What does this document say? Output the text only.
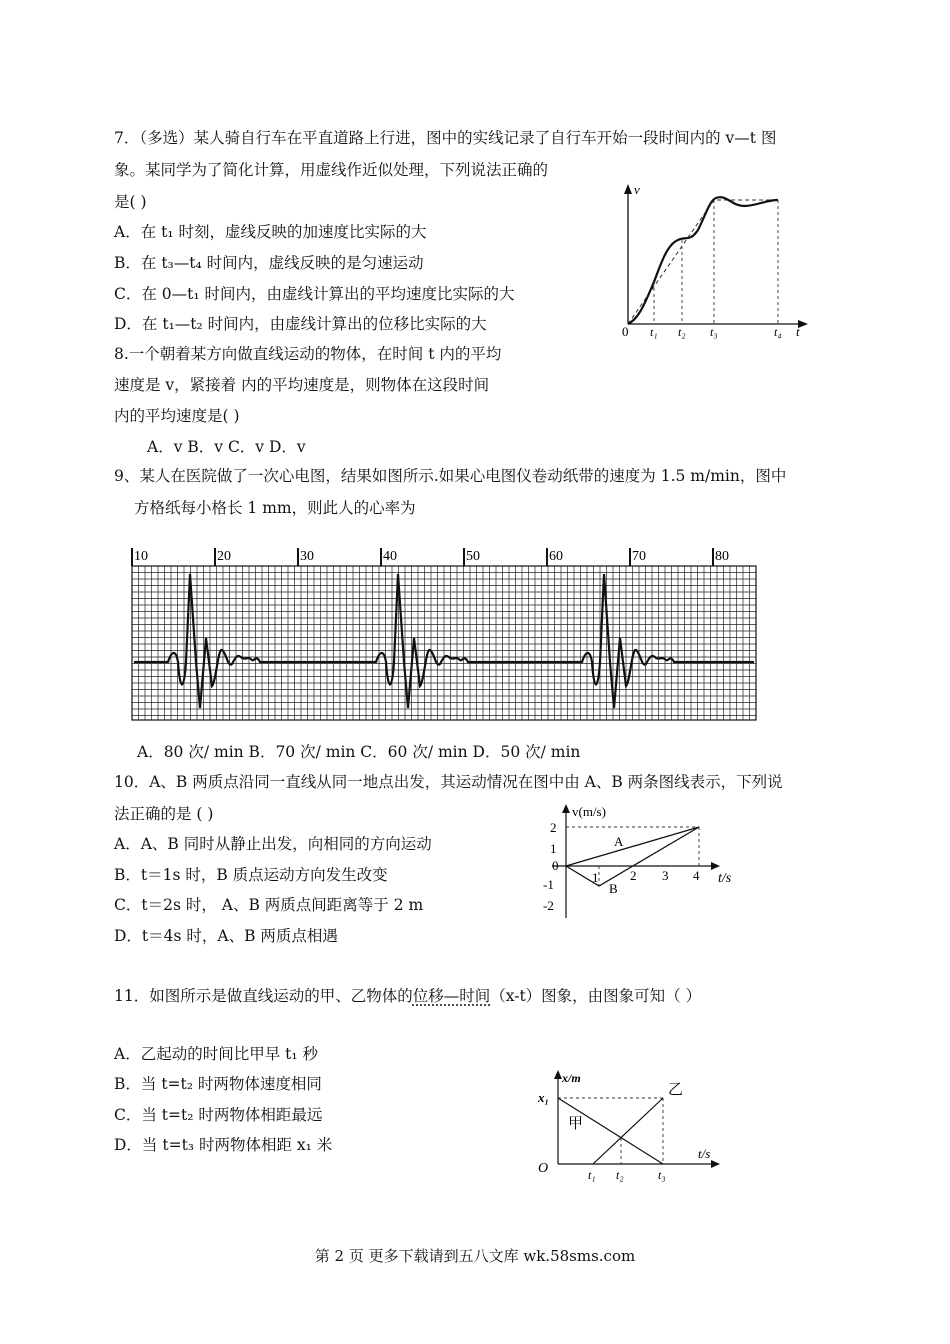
7．（多选）某人骑自行车在平直道路上行进，图中的实线记录了自行车开始一段时间内的 v—t 图
象。某同学为了简化计算，用虚线作近似处理，下列说法正确的
是( )
A．在 t₁ 时刻，虚线反映的加速度比实际的大
B．在 t₃—t₄ 时间内，虚线反映的是匀速运动
C．在 0—t₁ 时间内，由虚线计算出的平均速度比实际的大
D．在 t₁—t₂ 时间内，由虚线计算出的位移比实际的大
v
t
0 t₁ t₂ t₃	t₄
8.一个朝着某方向做直线运动的物体，在时间 t 内的平均
速度是 v，紧接着 内的平均速度是，则物体在这段时间
内的平均速度是( )
A．v B．v C．v D．v
9、某人在医院做了一次心电图，结果如图所示.如果心电图仪卷动纸带的速度为 1.5 m/min，图中
方格纸每小格长 1 mm，则此人的心率为
10	20	30	40	50	60	70	80
A．80 次/ min B．70 次/ min C．60 次/ min D．50 次/ min
10．A、B 两质点沿同一直线从同一地点出发，其运动情况在图中由 A、B 两条图线表示，下列说
法正确的是 ( )
A．A、B 同时从静止出发，向相同的方向运动
B．t＝1s 时，B 质点运动方向发生改变
C．t＝2s 时， A、B 两质点间距离等于 2 m
D．t＝4s 时，A、B 两质点相遇
v(m/s)
t/s
2
1
0
-1
-2
1 2 3 4
A
B
11．如图所示是做直线运动的甲、乙物体的位移—时间（x-t）图象，由图象可知（ ）
A．乙起动的时间比甲早 t₁ 秒
B．当 t=t₂ 时两物体速度相同
C．当 t=t₂ 时两物体相距最远
D．当 t=t₃ 时两物体相距 x₁ 米
x/m
t/s
x₁
O
甲
乙
t₁ t₂	t₃
第 2 页 更多下载请到五八文库 wk.58sms.com
